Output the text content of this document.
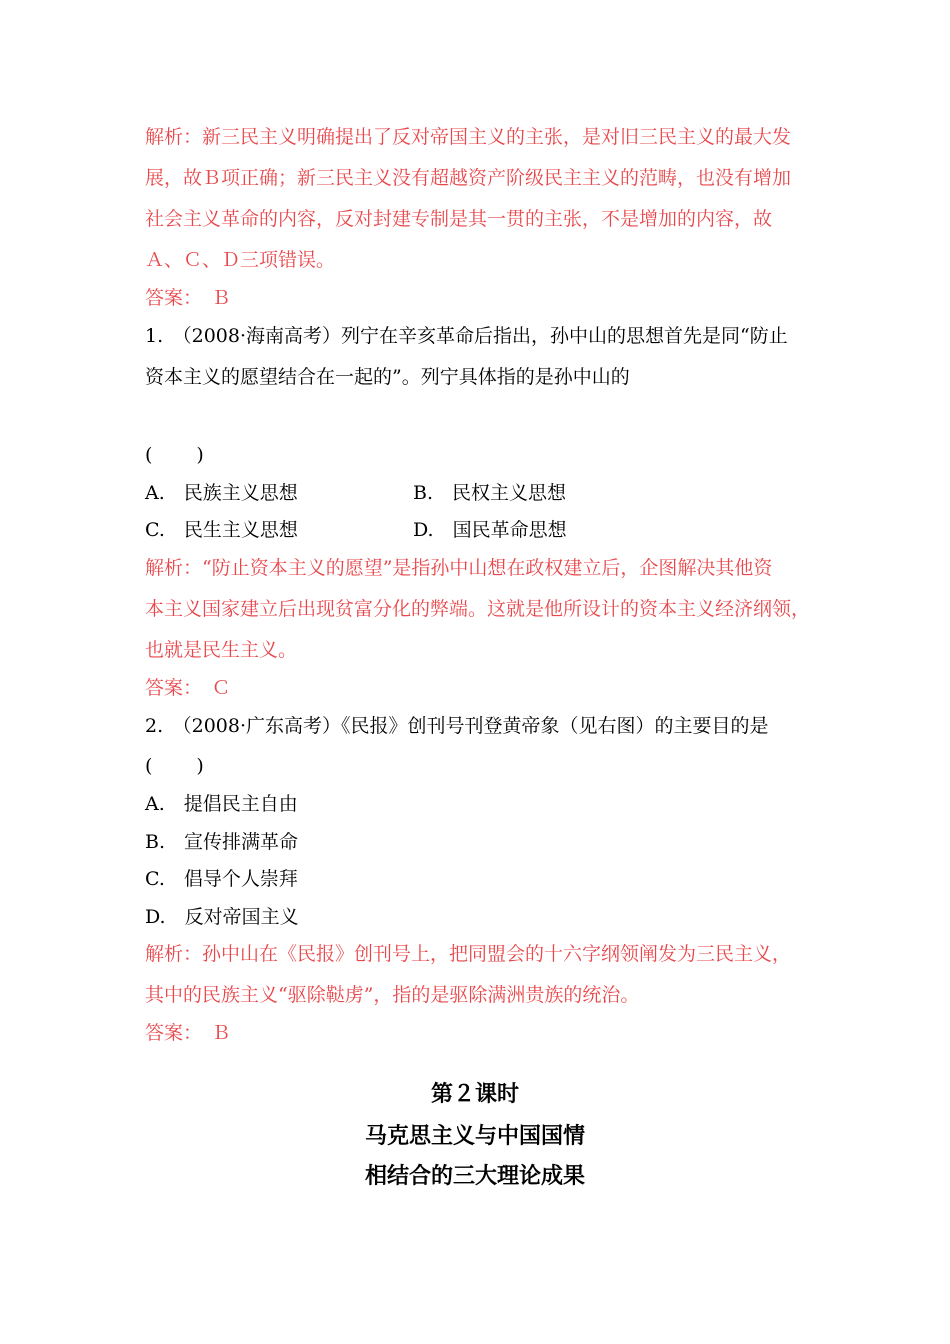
解析：新三民主义明确提出了反对帝国主义的主张，是对旧三民主义的最大发
展，故Ｂ项正确；新三民主义没有超越资产阶级民主主义的范畴，也没有增加
社会主义革命的内容，反对封建专制是其一贯的主张，不是增加的内容，故
Ａ、Ｃ、Ｄ三项错误。
答案：　Ｂ
1.　（2008·海南高考）列宁在辛亥革命后指出，孙中山的思想首先是同“防止
资本主义的愿望结合在一起的”。列宁具体指的是孙中山的
( )
A.　民族主义思想	B.　民权主义思想
C.　民生主义思想	D.　国民革命思想
解析：“防止资本主义的愿望”是指孙中山想在政权建立后，企图解决其他资
本主义国家建立后出现贫富分化的弊端。这就是他所设计的资本主义经济纲领，
也就是民生主义。
答案：　Ｃ
2.　（2008·广东高考）《民报》创刊号刊登黄帝象（见右图）的主要目的是
( )
A.　提倡民主自由
B.　宣传排满革命
C.　倡导个人崇拜
D.　反对帝国主义
解析：孙中山在《民报》创刊号上，把同盟会的十六字纲领阐发为三民主义，
其中的民族主义“驱除鞑虏”，指的是驱除满洲贵族的统治。
答案：　Ｂ
第２课时
马克思主义与中国国情
相结合的三大理论成果
